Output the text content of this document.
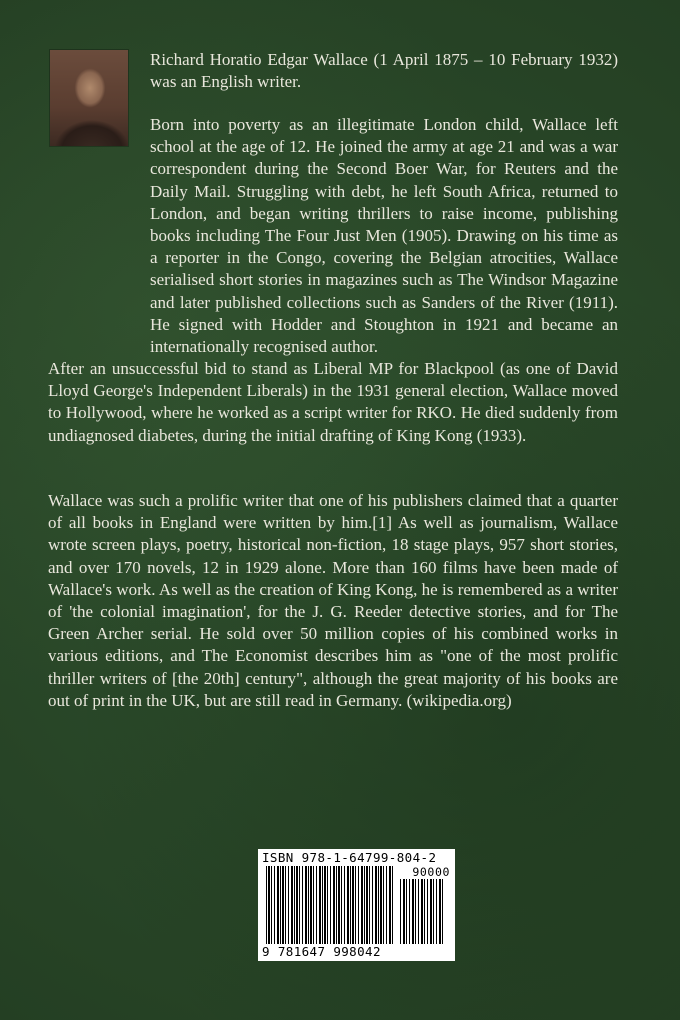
Richard Horatio Edgar Wallace (1 April 1875 – 10 February 1932) was an English writer.

Born into poverty as an illegitimate London child, Wallace left school at the age of 12. He joined the army at age 21 and was a war correspondent during the Second Boer War, for Reuters and the Daily Mail. Struggling with debt, he left South Africa, returned to London, and began writing thrillers to raise income, publishing books including The Four Just Men (1905). Drawing on his time as a reporter in the Congo, covering the Belgian atrocities, Wallace serialised short stories in magazines such as The Windsor Magazine and later published collections such as Sanders of the River (1911). He signed with Hodder and Stoughton in 1921 and became an internationally recognised author.

After an unsuccessful bid to stand as Liberal MP for Blackpool (as one of David Lloyd George's Independent Liberals) in the 1931 general election, Wallace moved to Hollywood, where he worked as a script writer for RKO. He died suddenly from undiagnosed diabetes, during the initial drafting of King Kong (1933).

Wallace was such a prolific writer that one of his publishers claimed that a quarter of all books in England were written by him.[1] As well as journalism, Wallace wrote screen plays, poetry, historical non-fiction, 18 stage plays, 957 short stories, and over 170 novels, 12 in 1929 alone. More than 160 films have been made of Wallace's work. As well as the creation of King Kong, he is remembered as a writer of 'the colonial imagination', for the J. G. Reeder detective stories, and for The Green Archer serial. He sold over 50 million copies of his combined works in various editions, and The Economist describes him as "one of the most prolific thriller writers of [the 20th] century", although the great majority of his books are out of print in the UK, but are still read in Germany. (wikipedia.org)

ISBN 978-1-64799-804-2
90000
9 781647 998042
